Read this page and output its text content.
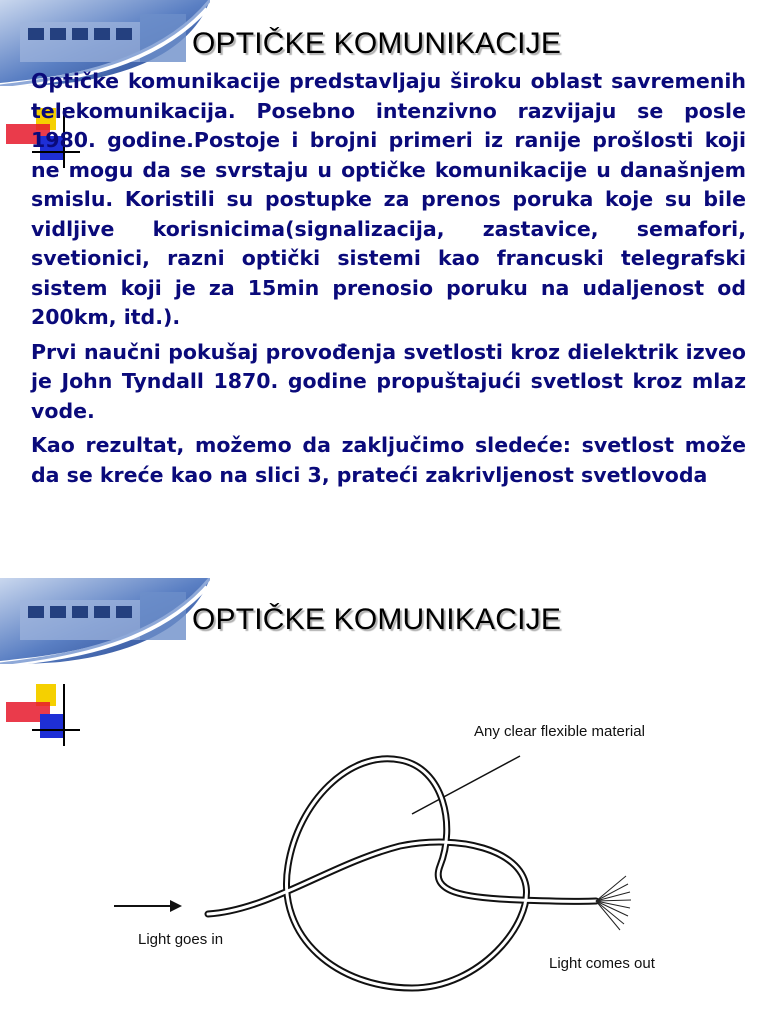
OPTIČKE KOMUNIKACIJE

Optičke komunikacije predstavljaju široku oblast savremenih telekomunikacija. Posebno intenzivno razvijaju se posle 1980. godine.Postoje i brojni primeri iz ranije prošlosti koji ne mogu da se svrstaju u optičke komunikacije u današnjem smislu. Koristili su postupke za prenos poruka koje su bile vidljive korisnicima(signalizacija, zastavice, semafori, svetionici, razni optički sistemi kao francuski telegrafski sistem koji je za 15min prenosio poruku na udaljenost od 200km, itd.).

Prvi naučni pokušaj provođenja svetlosti kroz dielektrik izveo je John Tyndall 1870. godine propuštajući svetlost kroz mlaz vode.

Kao rezultat, možemo da zaključimo sledeće: svetlost može da se kreće kao na slici 3, prateći zakrivljenost svetlovoda

OPTIČKE KOMUNIKACIJE
Any clear flexible material
Light goes in
Light comes out
